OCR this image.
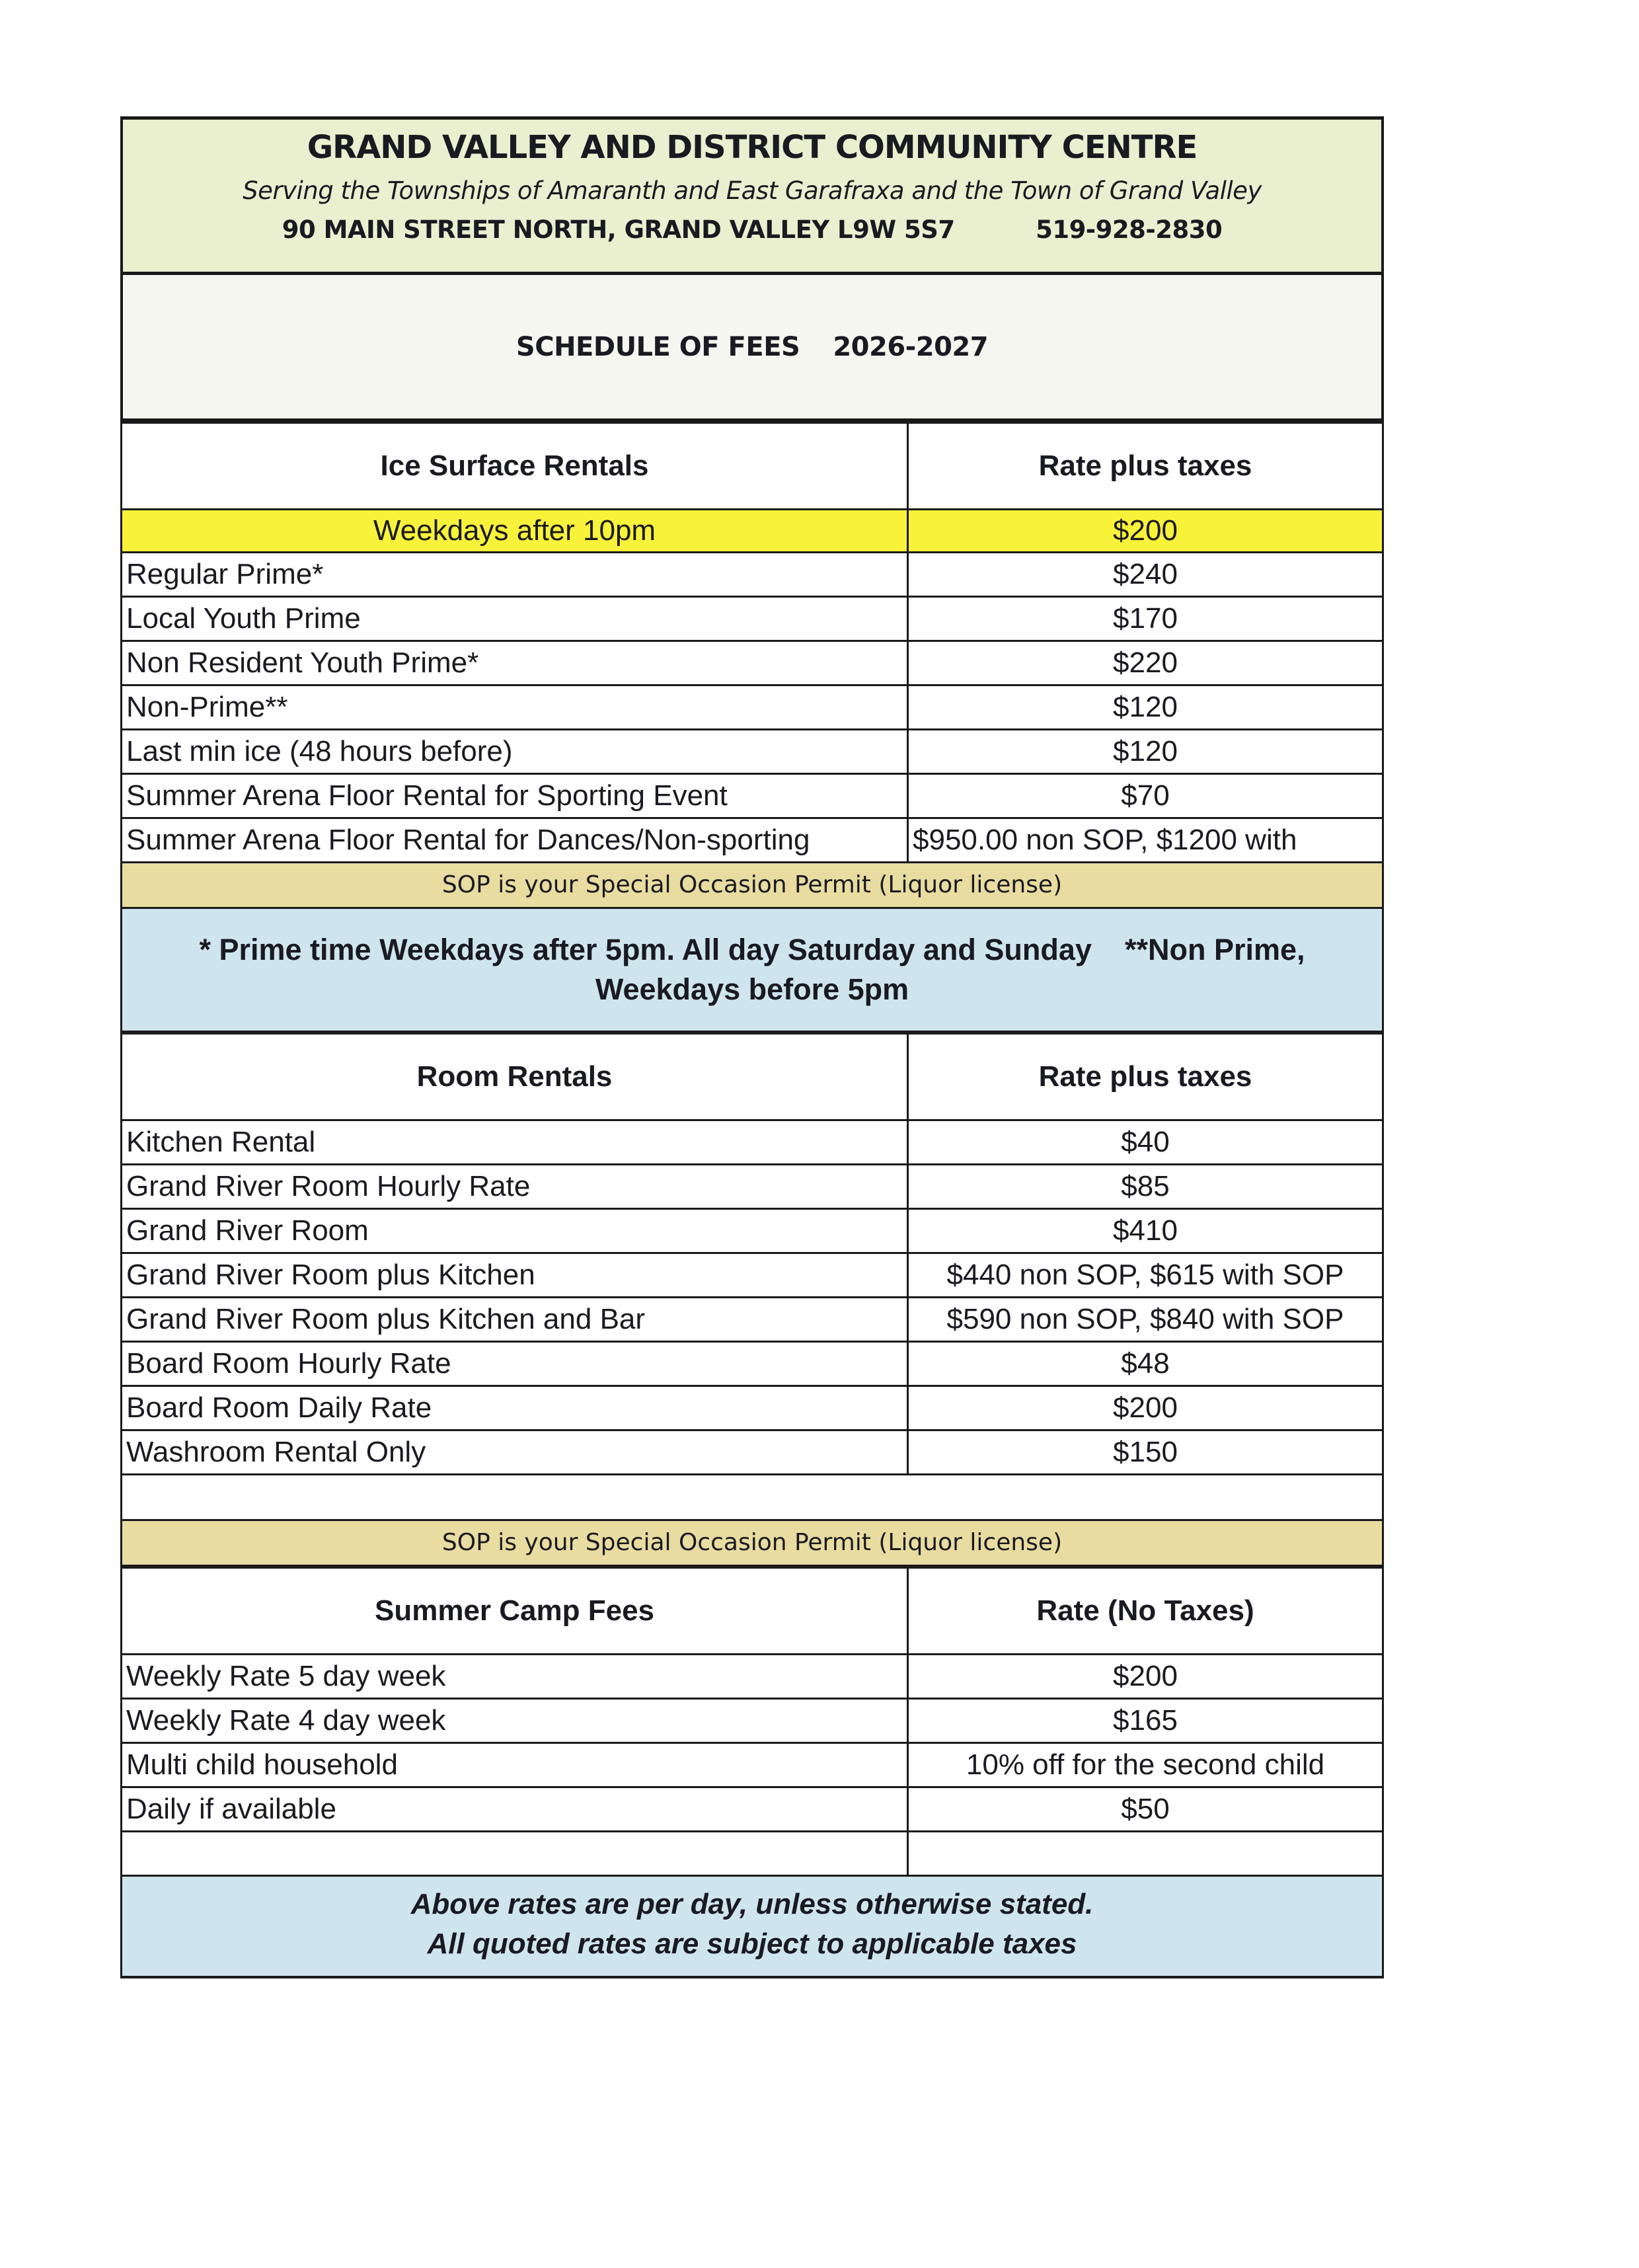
GRAND VALLEY AND DISTRICT COMMUNITY CENTRE
Serving the Townships of Amaranth and East Garafraxa and the Town of Grand Valley
90 MAIN STREET NORTH, GRAND VALLEY L9W 5S7	519-928-2830
SCHEDULE OF FEES 2026-2027
Ice Surface Rentals	Rate plus taxes
Weekdays after 10pm	$200
Regular Prime*	$240
Local Youth Prime	$170
Non Resident Youth Prime*	$220
Non-Prime**	$120
Last min ice (48 hours before)	$120
Summer Arena Floor Rental for Sporting Event	$70
Summer Arena Floor Rental for Dances/Non-sporting	$950.00 non SOP, $1200 with
SOP is your Special Occasion Permit (Liquor license)
* Prime time Weekdays after 5pm. All day Saturday and Sunday    **Non Prime,
Weekdays before 5pm
Room Rentals	Rate plus taxes
Kitchen Rental	$40
Grand River Room Hourly Rate	$85
Grand River Room	$410
Grand River Room plus Kitchen	$440 non SOP, $615 with SOP
Grand River Room plus Kitchen and Bar	$590 non SOP, $840 with SOP
Board Room Hourly Rate	$48
Board Room Daily Rate	$200
Washroom Rental Only	$150

SOP is your Special Occasion Permit (Liquor license)
Summer Camp Fees	Rate (No Taxes)
Weekly Rate 5 day week	$200
Weekly Rate 4 day week	$165
Multi child household	10% off for the second child
Daily if available	$50

Above rates are per day, unless otherwise stated.
All quoted rates are subject to applicable taxes
